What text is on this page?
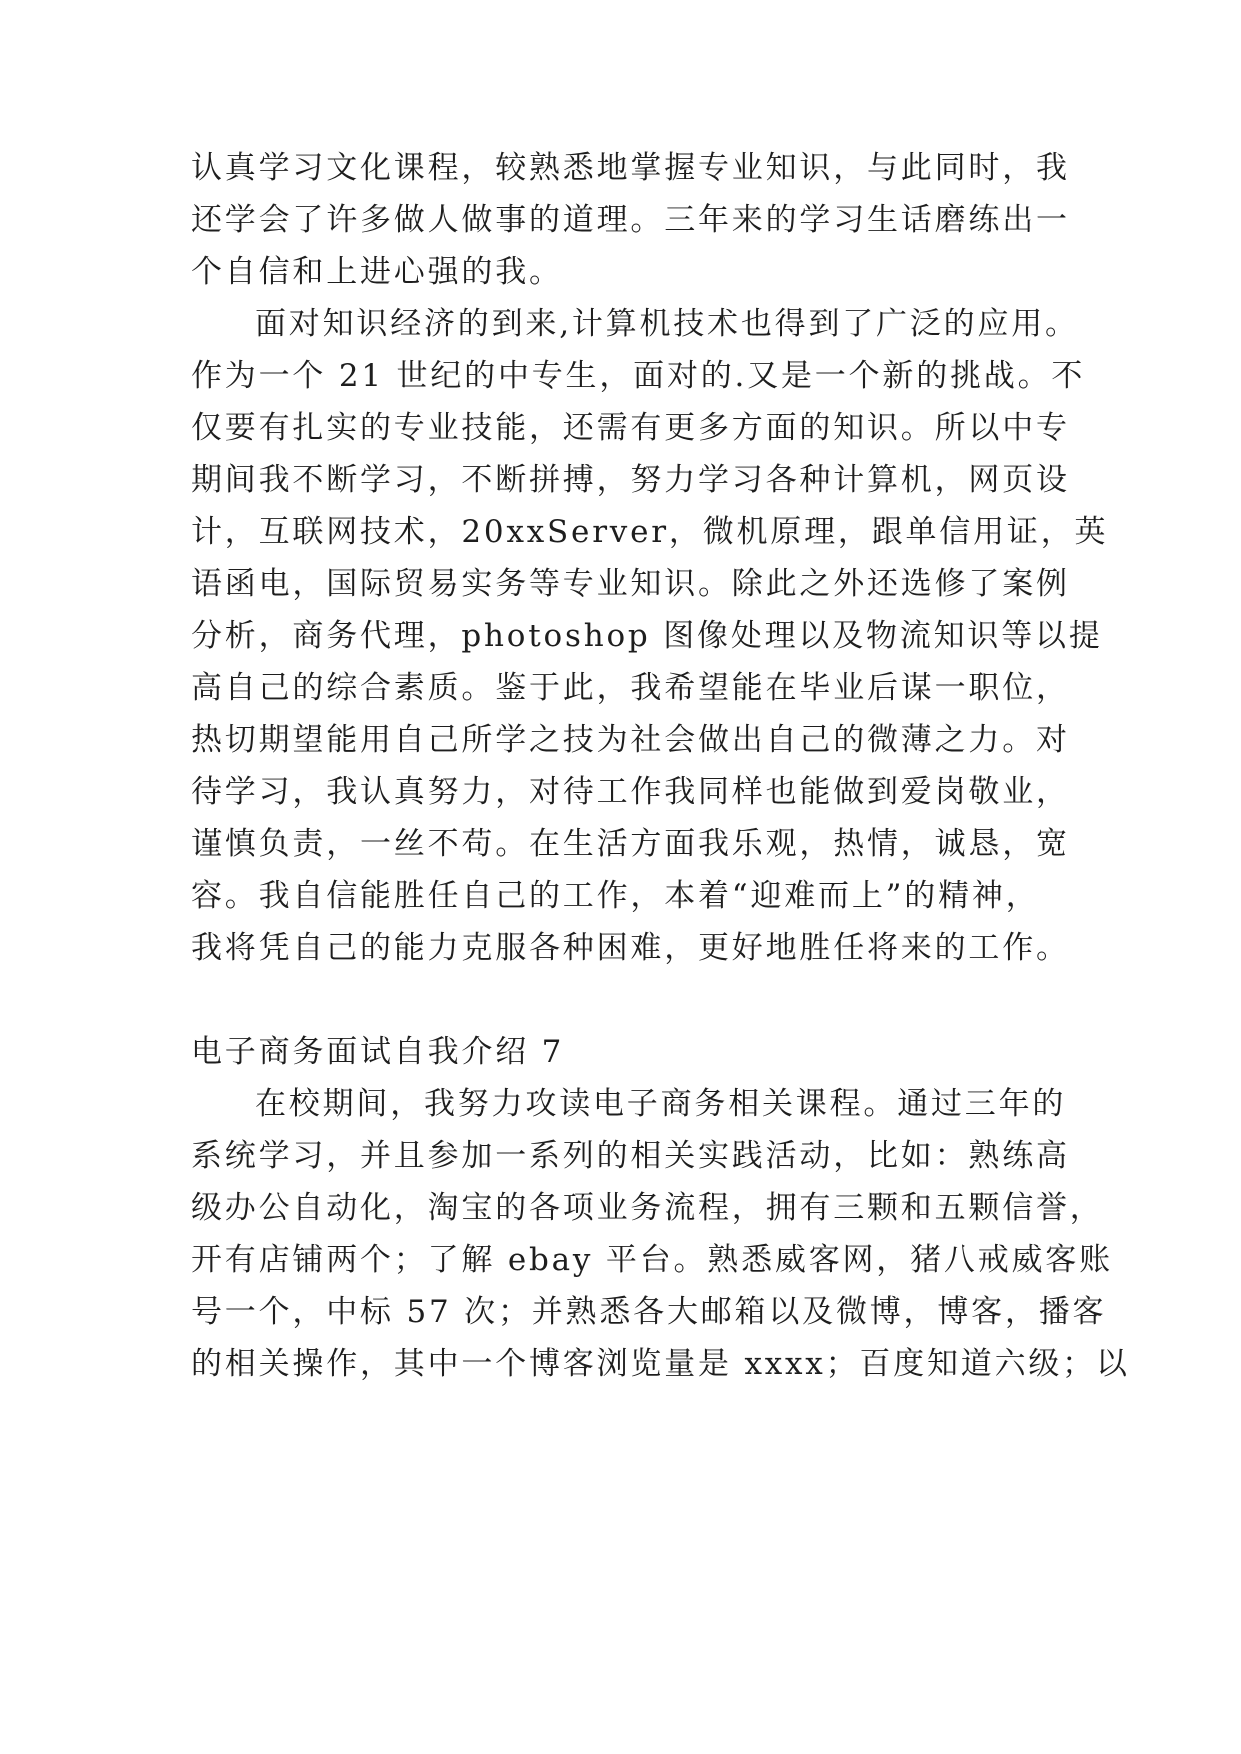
认真学习文化课程，较熟悉地掌握专业知识，与此同时，我
还学会了许多做人做事的道理。三年来的学习生话磨练出一
个自信和上进心强的我。
面对知识经济的到来,计算机技术也得到了广泛的应用。
作为一个 21 世纪的中专生，面对的.又是一个新的挑战。不
仅要有扎实的专业技能，还需有更多方面的知识。所以中专
期间我不断学习，不断拼搏，努力学习各种计算机，网页设
计，互联网技术，20xxServer，微机原理，跟单信用证，英
语函电，国际贸易实务等专业知识。除此之外还选修了案例
分析，商务代理，photoshop 图像处理以及物流知识等以提
高自己的综合素质。鉴于此，我希望能在毕业后谋一职位，
热切期望能用自己所学之技为社会做出自己的微薄之力。对
待学习，我认真努力，对待工作我同样也能做到爱岗敬业，
谨慎负责，一丝不苟。在生活方面我乐观，热情，诚恳，宽
容。我自信能胜任自己的工作，本着“迎难而上”的精神，
我将凭自己的能力克服各种困难，更好地胜任将来的工作。
电子商务面试自我介绍 7
在校期间，我努力攻读电子商务相关课程。通过三年的
系统学习，并且参加一系列的相关实践活动，比如：熟练高
级办公自动化，淘宝的各项业务流程，拥有三颗和五颗信誉，
开有店铺两个；了解 ebay 平台。熟悉威客网，猪八戒威客账
号一个，中标 57 次；并熟悉各大邮箱以及微博，博客，播客
的相关操作，其中一个博客浏览量是 xxxx；百度知道六级；以
